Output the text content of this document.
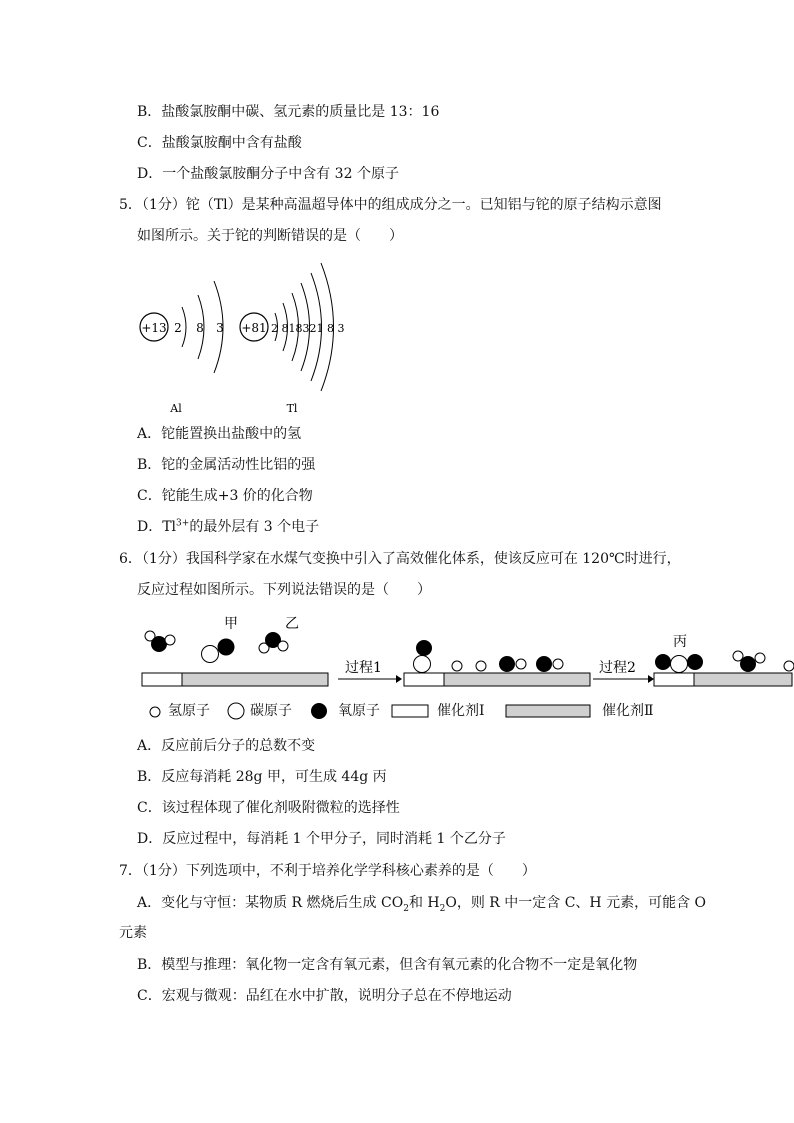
B．盐酸氯胺酮中碳、氢元素的质量比是 13：16
C．盐酸氯胺酮中含有盐酸
D．一个盐酸氯胺酮分子中含有 32 个原子
5．（1分）铊（Tl）是某种高温超导体中的组成成分之一。已知铝与铊的原子结构示意图
如图所示。关于铊的判断错误的是（　　）
+13 2 8 3
Al
+81 2 818321 8 3
Tl
A．铊能置换出盐酸中的氢
B．铊的金属活动性比铝的强
C．铊能生成+3 价的化合物
D．$Tl^{3+}$的最外层有 3 个电子
6．（1分）我国科学家在水煤气变换中引入了高效催化体系，使该反应可在 120℃时进行，
反应过程如图所示。下列说法错误的是（　　）
甲	乙
过程1	过程2
丙
氢原子	碳原子	氧原子	催化剂Ⅰ	催化剂Ⅱ
A．反应前后分子的总数不变
B．反应每消耗 28g 甲，可生成 44g 丙
C．该过程体现了催化剂吸附微粒的选择性
D．反应过程中，每消耗 1 个甲分子，同时消耗 1 个乙分子
7．（1分）下列选项中，不利于培养化学学科核心素养的是（　　）
A．变化与守恒：某物质 R 燃烧后生成 $CO_2$和 $H_2O$，则 R 中一定含 C、H 元素，可能含 O
元素
B．模型与推理：氧化物一定含有氧元素，但含有氧元素的化合物不一定是氧化物
C．宏观与微观：品红在水中扩散，说明分子总在不停地运动
